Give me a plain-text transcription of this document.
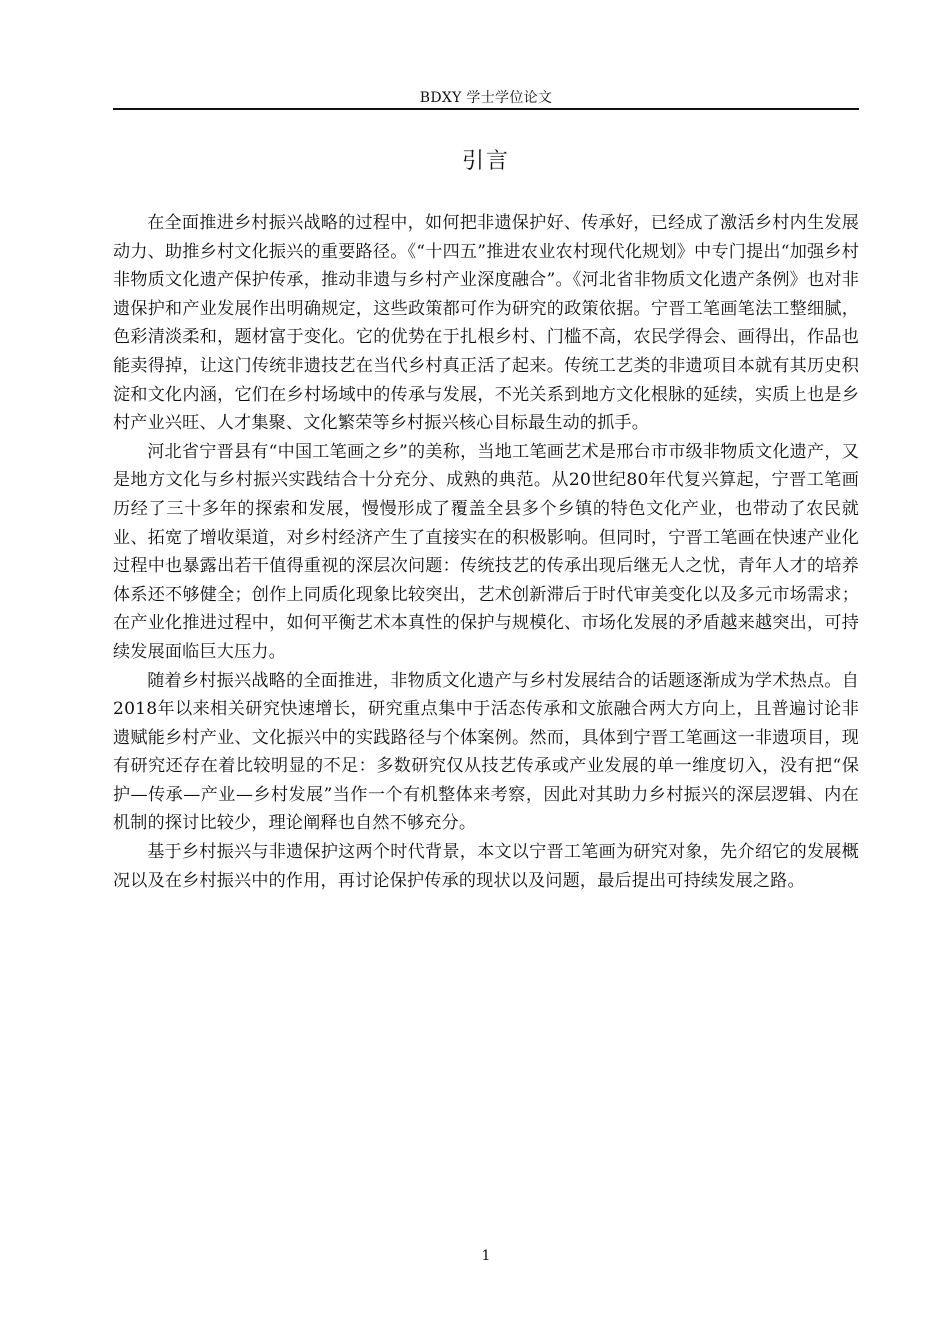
BDXY 学士学位论文
引言

在全面推进乡村振兴战略的过程中，如何把非遗保护好、传承好，已经成了激活乡村内生发展动力、助推乡村文化振兴的重要路径。《“十四五”推进农业农村现代化规划》中专门提出“加强乡村非物质文化遗产保护传承，推动非遗与乡村产业深度融合”。《河北省非物质文化遗产条例》也对非遗保护和产业发展作出明确规定，这些政策都可作为研究的政策依据。宁晋工笔画笔法工整细腻，色彩清淡柔和，题材富于变化。它的优势在于扎根乡村、门槛不高，农民学得会、画得出，作品也能卖得掉，让这门传统非遗技艺在当代乡村真正活了起来。传统工艺类的非遗项目本就有其历史积淀和文化内涵，它们在乡村场域中的传承与发展，不光关系到地方文化根脉的延续，实质上也是乡村产业兴旺、人才集聚、文化繁荣等乡村振兴核心目标最生动的抓手。

河北省宁晋县有“中国工笔画之乡”的美称，当地工笔画艺术是邢台市市级非物质文化遗产，又是地方文化与乡村振兴实践结合十分充分、成熟的典范。从20世纪80年代复兴算起，宁晋工笔画历经了三十多年的探索和发展，慢慢形成了覆盖全县多个乡镇的特色文化产业，也带动了农民就业、拓宽了增收渠道，对乡村经济产生了直接实在的积极影响。但同时，宁晋工笔画在快速产业化过程中也暴露出若干值得重视的深层次问题：传统技艺的传承出现后继无人之忧，青年人才的培养体系还不够健全；创作上同质化现象比较突出，艺术创新滞后于时代审美变化以及多元市场需求；在产业化推进过程中，如何平衡艺术本真性的保护与规模化、市场化发展的矛盾越来越突出，可持续发展面临巨大压力。

随着乡村振兴战略的全面推进，非物质文化遗产与乡村发展结合的话题逐渐成为学术热点。自2018年以来相关研究快速增长，研究重点集中于活态传承和文旅融合两大方向上，且普遍讨论非遗赋能乡村产业、文化振兴中的实践路径与个体案例。然而，具体到宁晋工笔画这一非遗项目，现有研究还存在着比较明显的不足：多数研究仅从技艺传承或产业发展的单一维度切入，没有把“保护—传承—产业—乡村发展”当作一个有机整体来考察，因此对其助力乡村振兴的深层逻辑、内在机制的探讨比较少，理论阐释也自然不够充分。

基于乡村振兴与非遗保护这两个时代背景，本文以宁晋工笔画为研究对象，先介绍它的发展概况以及在乡村振兴中的作用，再讨论保护传承的现状以及问题，最后提出可持续发展之路。

1
